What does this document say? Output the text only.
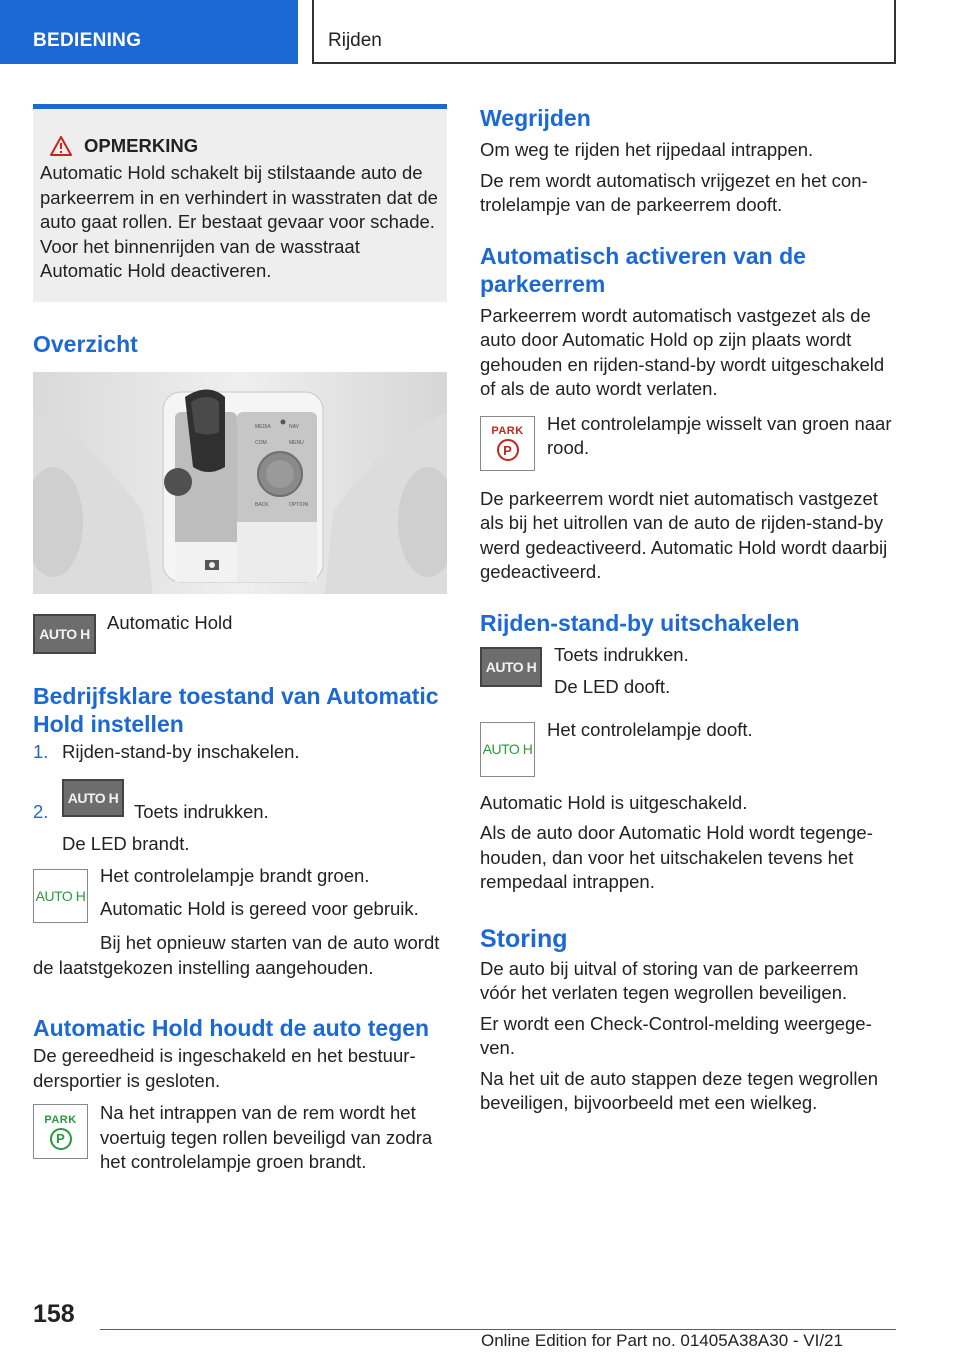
BEDIENING	Rijden
OPMERKING

Automatic Hold schakelt bij stilstaande auto de parkeerrem in en verhindert in wasstraten dat de auto gaat rollen. Er bestaat gevaar voor schade. Voor het binnenrijden van de wasstraat Automatic Hold deactiveren.

Overzicht
MEDIA	NAV
COM	MENU
BACK	OPTION
AUTO H

Automatic Hold

Bedrijfsklare toestand van Automatic Hold instellen
1. Rijden-stand-by inschakelen.
2.
AUTO H
Toets indrukken.

De LED brandt.

AUTO H

Het controlelampje brandt groen.

Automatic Hold is gereed voor gebruik.

Bij het opnieuw starten van de auto wordt de laatstgekozen instelling aangehouden.

Automatic Hold houdt de auto tegen

De gereedheid is ingeschakeld en het bestuurdersportier is gesloten.

PARK
P

Na het intrappen van de rem wordt het voertuig tegen rollen beveiligd van zodra het controlelampje groen brandt.

Wegrijden

Om weg te rijden het rijpedaal intrappen.

De rem wordt automatisch vrijgezet en het controlelampje van de parkeerrem dooft.

Automatisch activeren van de parkeerrem

Parkeerrem wordt automatisch vastgezet als de auto door Automatic Hold op zijn plaats wordt gehouden en rijden-stand-by wordt uitgeschakeld of als de auto wordt verlaten.

PARK
P

Het controlelampje wisselt van groen naar rood.

De parkeerrem wordt niet automatisch vastgezet als bij het uitrollen van de auto de rijden-stand-by werd gedeactiveerd. Automatic Hold wordt daarbij gedeactiveerd.

Rijden-stand-by uitschakelen
AUTO H

Toets indrukken.

De LED dooft.

AUTO H

Het controlelampje dooft.

Automatic Hold is uitgeschakeld.

Als de auto door Automatic Hold wordt tegengehouden, dan voor het uitschakelen tevens het rempedaal intrappen.

Storing

De auto bij uitval of storing van de parkeerrem vóór het verlaten tegen wegrollen beveiligen.

Er wordt een Check-Control-melding weergegeven.

Na het uit de auto stappen deze tegen wegrollen beveiligen, bijvoorbeeld met een wielkeg.

158
Online Edition for Part no. 01405A38A30 - VI/21
